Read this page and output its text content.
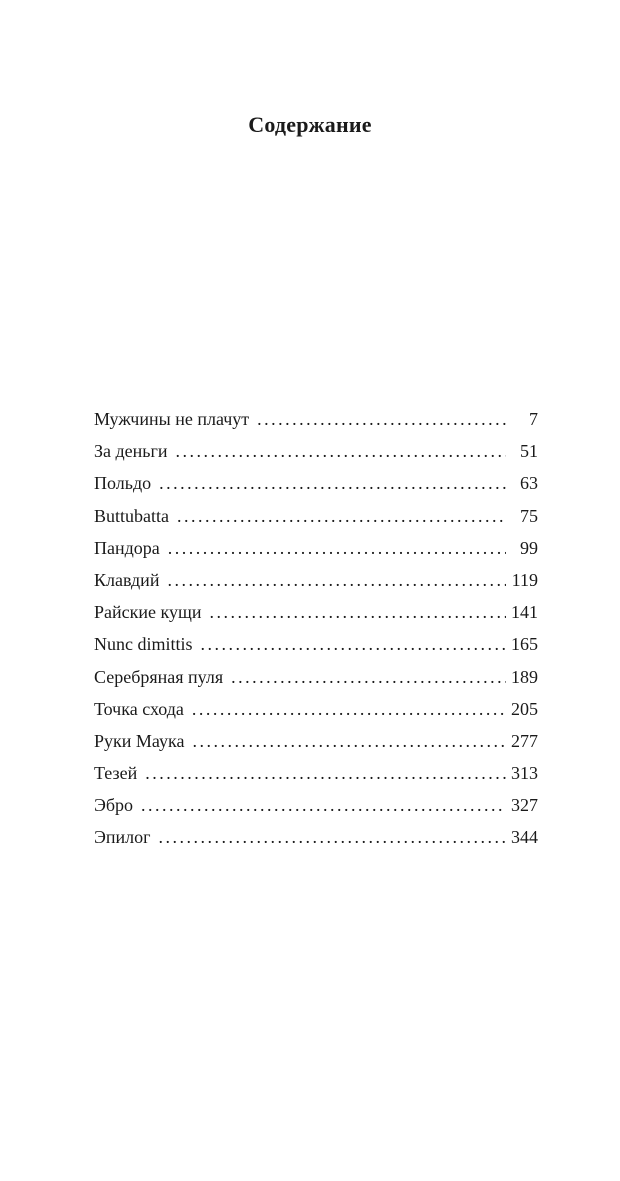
Содержание
Мужчины не плачут . . .	7
За деньги . . .	51
Польдо . . .	63
Buttubatta . . .	75
Пандора . . .	99
Клавдий . . .	119
Райские кущи . . .	141
Nunc dimittis . . .	165
Серебряная пуля . . .	189
Точка схода . . .	205
Руки Маука . . .	277
Тезей . . .	313
Эбро . . .	327
Эпилог . . .	344
